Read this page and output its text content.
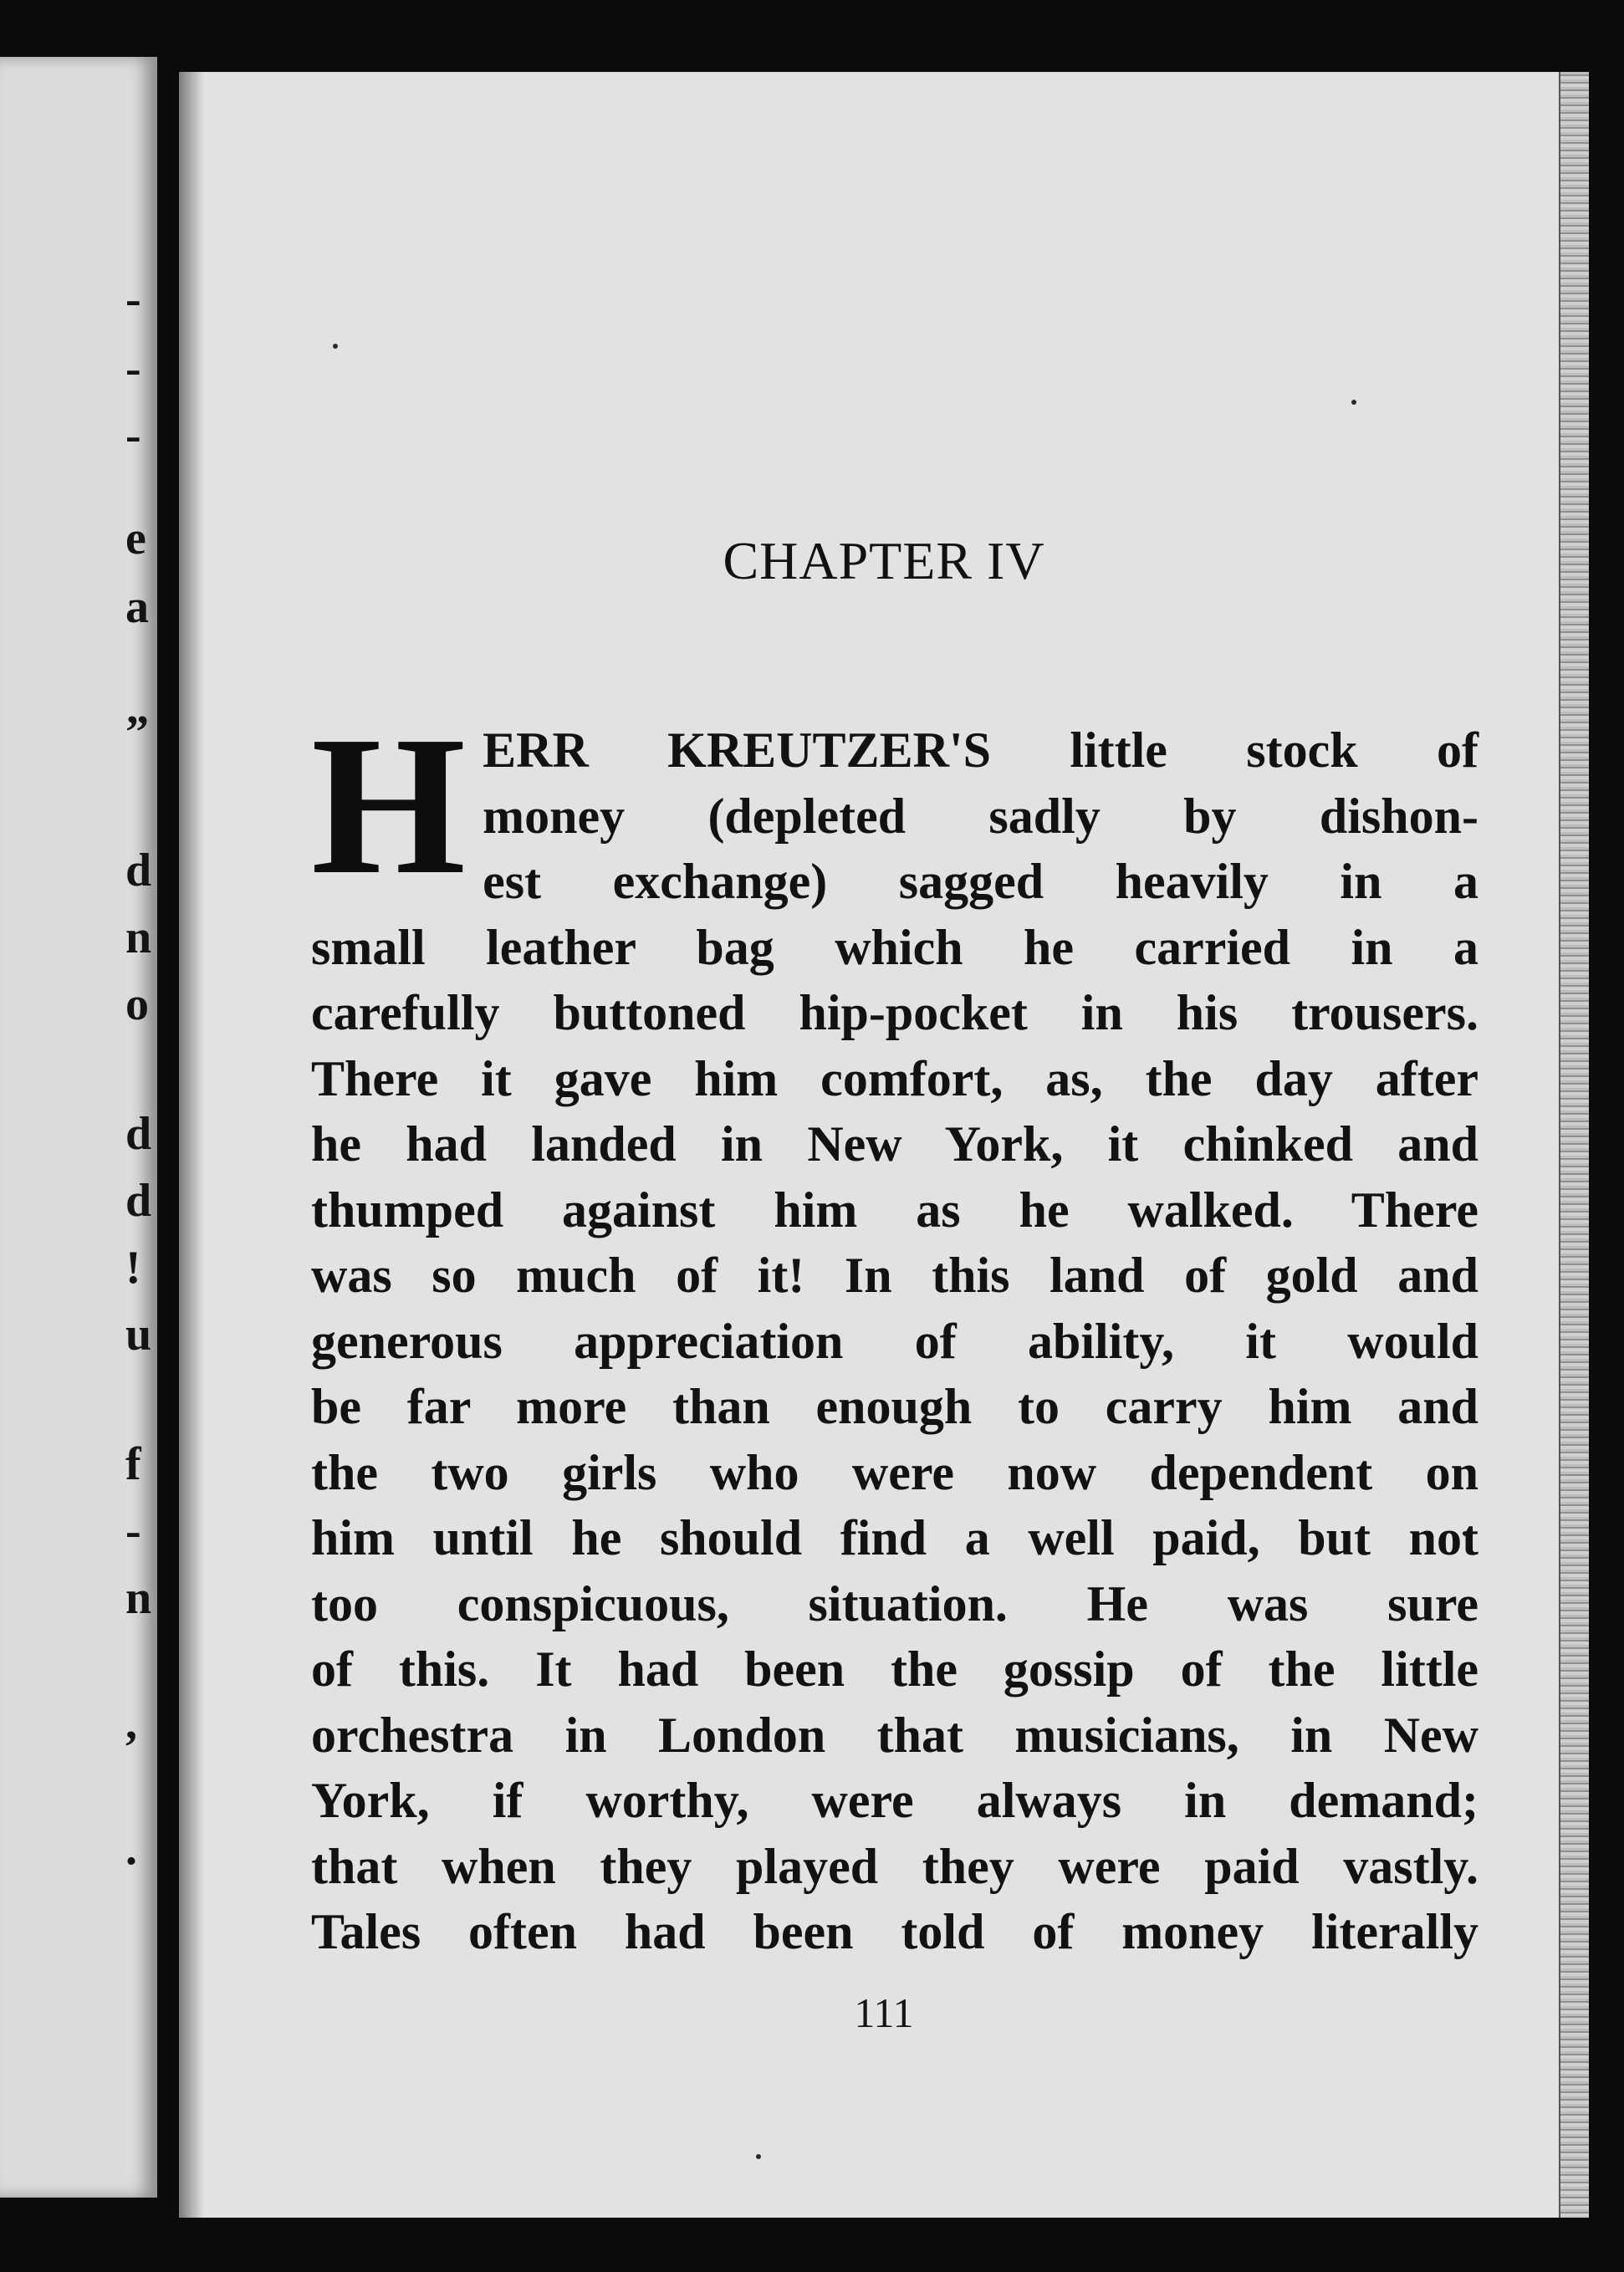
-
-
-
e
a
”
d
n
o
d
d
!
u
f
-
n
,
.
CHAPTER IV
H ERR KREUTZER'S little stock of
money (depleted sadly by dishon-
est exchange) sagged heavily in a
small leather bag which he carried in a
carefully buttoned hip-pocket in his trousers.
There it gave him comfort, as, the day after
he had landed in New York, it chinked and
thumped against him as he walked. There
was so much of it! In this land of gold and
generous appreciation of ability, it would
be far more than enough to carry him and
the two girls who were now dependent on
him until he should find a well paid, but not
too conspicuous, situation. He was sure
of this. It had been the gossip of the little
orchestra in London that musicians, in New
York, if worthy, were always in demand;
that when they played they were paid vastly.
Tales often had been told of money literally
111
